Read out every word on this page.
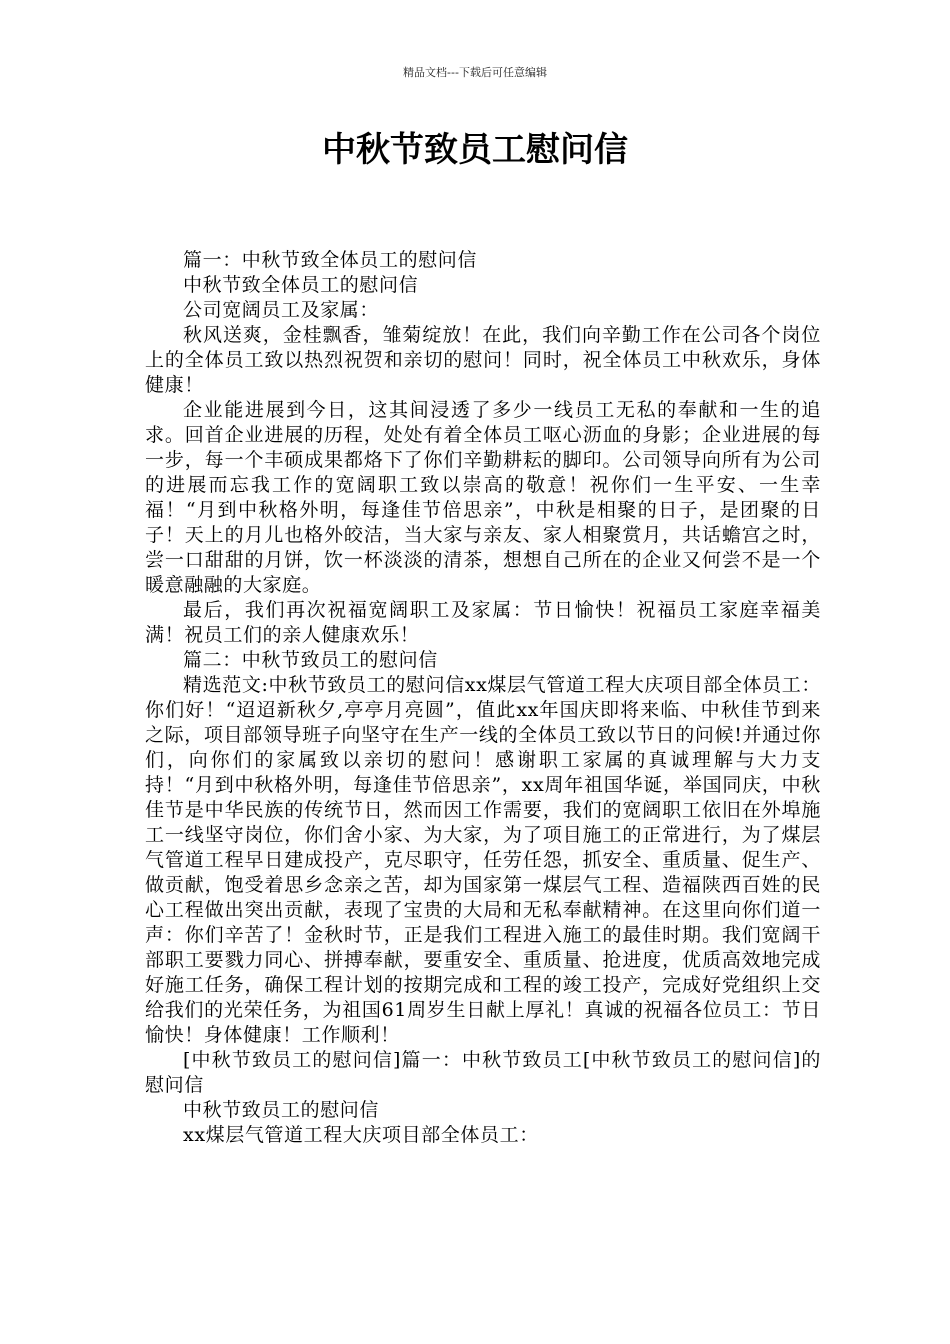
精品文档---下载后可任意编辑
中秋节致员工慰问信

篇一：中秋节致全体员工的慰问信

中秋节致全体员工的慰问信

公司宽阔员工及家属：

秋风送爽，金桂飘香，雏菊绽放！在此，我们向辛勤工作在公司各个岗位上的全体员工致以热烈祝贺和亲切的慰问！同时，祝全体员工中秋欢乐，身体健康！

企业能进展到今日，这其间浸透了多少一线员工无私的奉献和一生的追求。回首企业进展的历程，处处有着全体员工呕心沥血的身影；企业进展的每一步，每一个丰硕成果都烙下了你们辛勤耕耘的脚印。公司领导向所有为公司的进展而忘我工作的宽阔职工致以崇高的敬意！祝你们一生平安、一生幸福！“月到中秋格外明，每逢佳节倍思亲”，中秋是相聚的日子，是团聚的日子！天上的月儿也格外皎洁，当大家与亲友、家人相聚赏月，共话蟾宫之时，尝一口甜甜的月饼，饮一杯淡淡的清茶，想想自己所在的企业又何尝不是一个暖意融融的大家庭。

最后，我们再次祝福宽阔职工及家属：节日愉快！祝福员工家庭幸福美满！祝员工们的亲人健康欢乐！

篇二：中秋节致员工的慰问信

精选范文:中秋节致员工的慰问信xx煤层气管道工程大庆项目部全体员工：你们好！“迢迢新秋夕,亭亭月亮圆”，值此xx年国庆即将来临、中秋佳节到来之际，项目部领导班子向坚守在生产一线的全体员工致以节日的问候!并通过你们，向你们的家属致以亲切的慰问！感谢职工家属的真诚理解与大力支持！“月到中秋格外明，每逢佳节倍思亲”，xx周年祖国华诞，举国同庆，中秋佳节是中华民族的传统节日，然而因工作需要，我们的宽阔职工依旧在外埠施工一线坚守岗位，你们舍小家、为大家，为了项目施工的正常进行，为了煤层气管道工程早日建成投产，克尽职守，任劳任怨，抓安全、重质量、促生产、做贡献，饱受着思乡念亲之苦，却为国家第一煤层气工程、造福陕西百姓的民心工程做出突出贡献，表现了宝贵的大局和无私奉献精神。在这里向你们道一声：你们辛苦了！金秋时节，正是我们工程进入施工的最佳时期。我们宽阔干部职工要戮力同心、拼搏奉献，要重安全、重质量、抢进度，优质高效地完成好施工任务，确保工程计划的按期完成和工程的竣工投产，完成好党组织上交给我们的光荣任务，为祖国61周岁生日献上厚礼！真诚的祝福各位员工：节日愉快！身体健康！工作顺利！

[中秋节致员工的慰问信]篇一：中秋节致员工[中秋节致员工的慰问信]的慰问信

中秋节致员工的慰问信

xx煤层气管道工程大庆项目部全体员工：
